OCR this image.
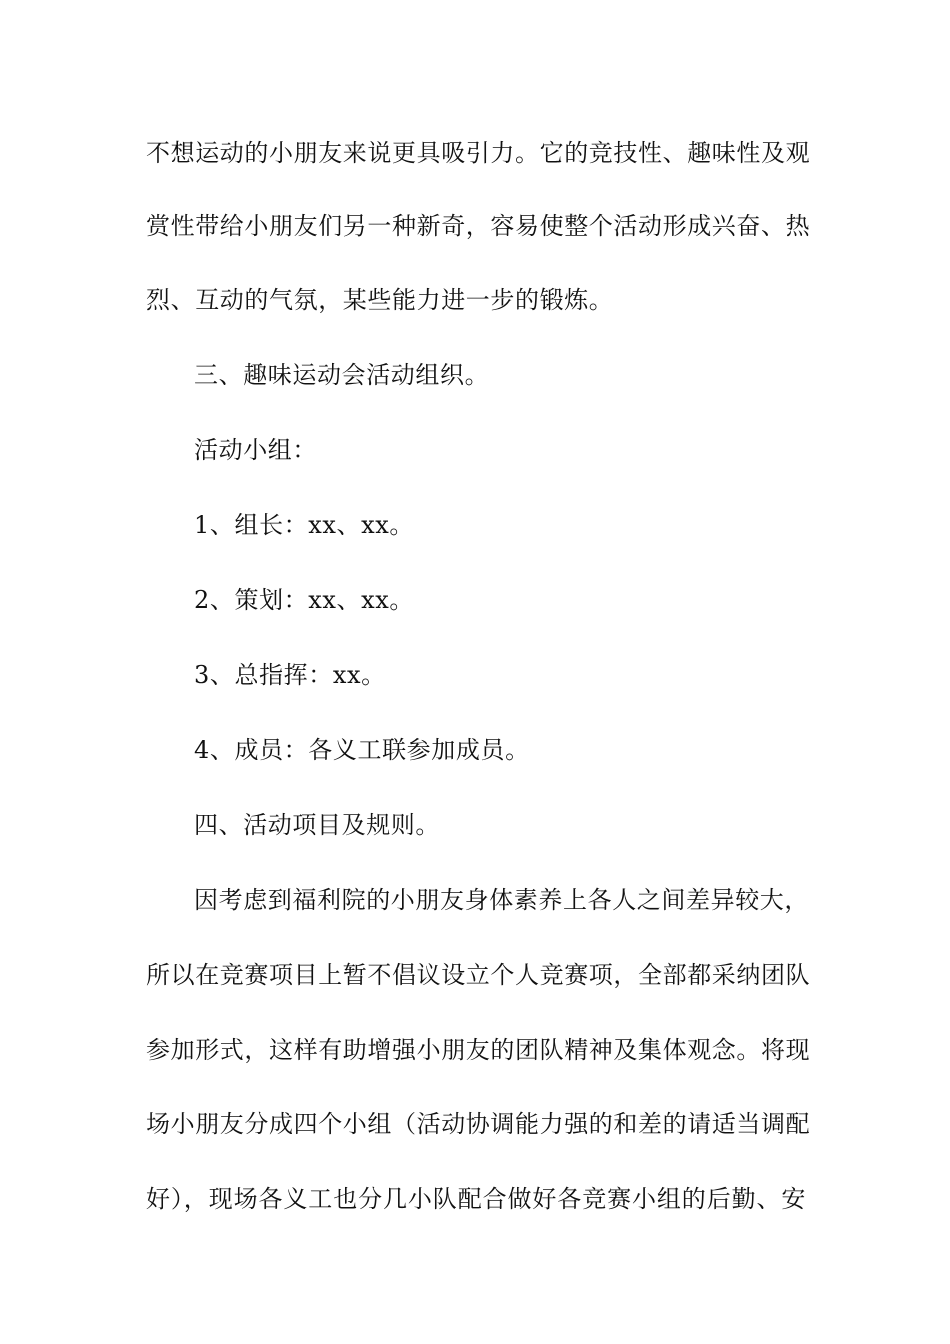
不想运动的小朋友来说更具吸引力。它的竞技性、趣味性及观
赏性带给小朋友们另一种新奇，容易使整个活动形成兴奋、热
烈、互动的气氛，某些能力进一步的锻炼。
三、趣味运动会活动组织。
活动小组：
1、组长：xx、xx。
2、策划：xx、xx。
3、总指挥：xx。
4、成员：各义工联参加成员。
四、活动项目及规则。
因考虑到福利院的小朋友身体素养上各人之间差异较大，
所以在竞赛项目上暂不倡议设立个人竞赛项，全部都采纳团队
参加形式，这样有助增强小朋友的团队精神及集体观念。将现
场小朋友分成四个小组（活动协调能力强的和差的请适当调配
好），现场各义工也分几小队配合做好各竞赛小组的后勤、安
